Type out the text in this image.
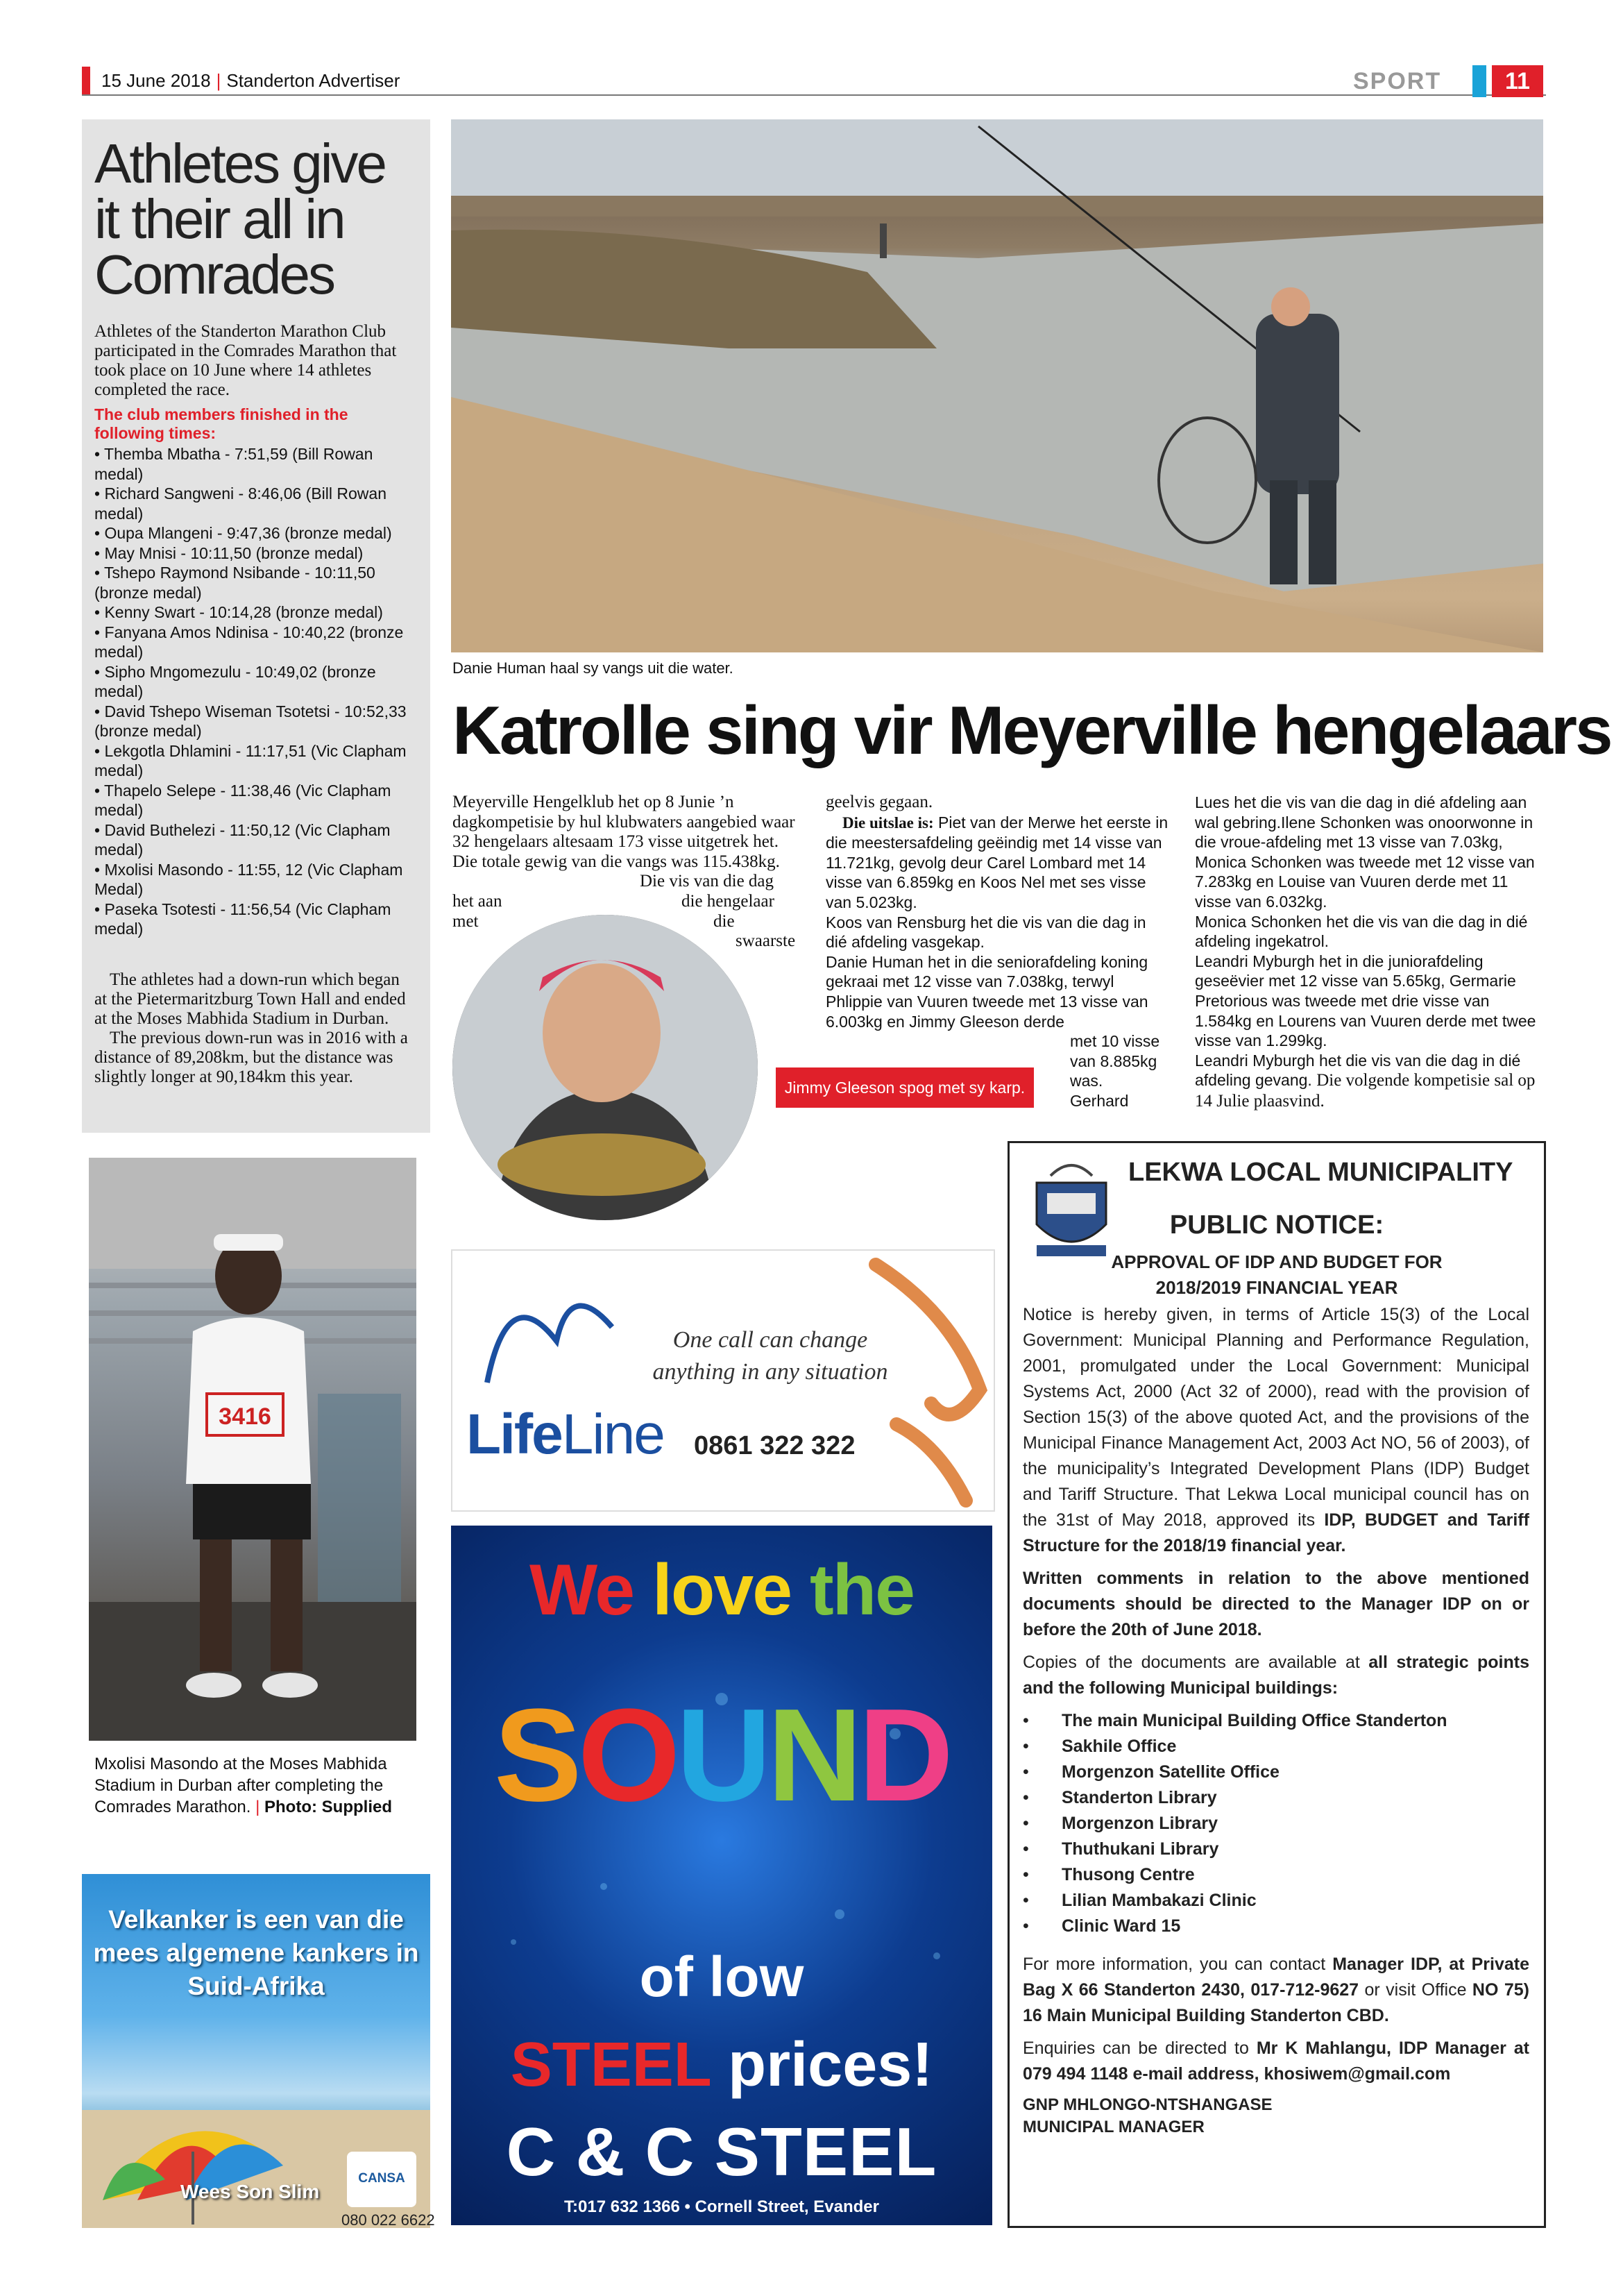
15 June 2018 | Standerton Advertiser	SPORT	11
Athletes give it their all in Comrades
Athletes of the Standerton Marathon Club participated in the Comrades Marathon that took place on 10 June where 14 athletes completed the race.
The club members finished in the following times:
• Themba Mbatha - 7:51,59 (Bill Rowan medal)
• Richard Sangweni - 8:46,06 (Bill Rowan medal)
• Oupa Mlangeni - 9:47,36 (bronze medal)
• May Mnisi - 10:11,50 (bronze medal)
• Tshepo Raymond Nsibande - 10:11,50 (bronze medal)
• Kenny Swart - 10:14,28 (bronze medal)
• Fanyana Amos Ndinisa - 10:40,22 (bronze medal)
• Sipho Mngomezulu - 10:49,02 (bronze medal)
• David Tshepo Wiseman Tsotetsi - 10:52,33 (bronze medal)
• Lekgotla Dhlamini - 11:17,51 (Vic Clapham medal)
• Thapelo Selepe - 11:38,46 (Vic Clapham medal)
• David Buthelezi - 11:50,12 (Vic Clapham medal)
• Mxolisi Masondo - 11:55, 12 (Vic Clapham Medal)
• Paseka Tsotesti - 11:56,54 (Vic Clapham medal)

The athletes had a down-run which began at the Pietermaritzburg Town Hall and ended at the Moses Mabhida Stadium in Durban.

The previous down-run was in 2016 with a distance of 89,208km, but the distance was slightly longer at 90,184km this year.

3416
Mxolisi Masondo at the Moses Mabhida Stadium in Durban after completing the Comrades Marathon. | Photo: Supplied
Velkanker is een van die mees algemene kankers in Suid-Afrika
Wees Son Slim
CANSA
080 022 6622
Danie Human haal sy vangs uit die water.
Katrolle sing vir Meyerville hengelaars

Meyerville Hengelklub het op 8 Junie ’n dagkompetisie by hul klubwaters aangebied waar 32 hengelaars altesaam 173 visse uitgetrek het.

Die totale gewig van die vangs was 115.438kg.

Die vis van die dag

het aan	die hengelaar

met	die

swaarste

Jimmy Gleeson spog met sy karp.

geelvis gegaan.

Die uitslae is: Piet van der Merwe het eerste in die meestersafdeling geëindig met 14 visse van 11.721kg, gevolg deur Carel Lombard met 14 visse van 6.859kg en Koos Nel met ses visse van 5.023kg.

Koos van Rensburg het die vis van die dag in dié afdeling vasgekap.

Danie Human het in die seniorafdeling koning gekraai met 12 visse van 7.038kg, terwyl Phlippie van Vuuren tweede met 13 visse van 6.003kg en Jimmy Gleeson derde

met 10 visse

van 8.885kg

was.

Gerhard

Lues het die vis van die dag in dié afdeling aan wal gebring.Ilene Schonken was onoorwonne in die vroue-afdeling met 13 visse van 7.03kg, Monica Schonken was tweede met 12 visse van 7.283kg en Louise van Vuuren derde met 11 visse van 6.032kg.

Monica Schonken het die vis van die dag in dié afdeling ingekatrol.

Leandri Myburgh het in die juniorafdeling geseëvier met 12 visse van 5.65kg, Germarie Pretorious was tweede met drie visse van 1.584kg en Lourens van Vuuren derde met twee visse van 1.299kg.

Leandri Myburgh het die vis van die dag in dié afdeling gevang. Die volgende kompetisie sal op 14 Julie plaasvind.

LifeLine
One call can change anything in any situation
0861 322 322
We love the
SOUND
of low
STEEL prices!
C & C STEEL
T:017 632 1366 • Cornell Street, Evander
LEKWA LOCAL MUNICIPALITY
PUBLIC NOTICE:
APPROVAL OF IDP AND BUDGET FOR
2018/2019 FINANCIAL YEAR

Notice is hereby given, in terms of Article 15(3) of the Local Government: Municipal Planning and Performance Regulation, 2001, promulgated under the Local Government: Municipal Systems Act, 2000 (Act 32 of 2000), read with the provision of Section 15(3) of the above quoted Act, and the provisions of the Municipal Finance Management Act, 2003 Act NO, 56 of 2003), of the municipality’s Integrated Development Plans (IDP) Budget and Tariff Structure. That Lekwa Local municipal council has on the 31st of May 2018, approved its IDP, BUDGET and Tariff Structure for the 2018/19 financial year.

Written comments in relation to the above mentioned documents should be directed to the Manager IDP on or before the 20th of June 2018.

Copies of the documents are available at all strategic points and the following Municipal buildings:

• The main Municipal Building Office Standerton
• Sakhile Office
• Morgenzon Satellite Office
• Standerton Library
• Morgenzon Library
• Thuthukani Library
• Thusong Centre
• Lilian Mambakazi Clinic
• Clinic Ward 15

For more information, you can contact Manager IDP, at Private Bag X 66 Standerton 2430, 017-712-9627 or visit Office NO 75) 16 Main Municipal Building Standerton CBD.

Enquiries can be directed to Mr K Mahlangu, IDP Manager at 079 494 1148 e-mail address, khosiwem@gmail.com

GNP MHLONGO-NTSHANGASE
MUNICIPAL MANAGER
